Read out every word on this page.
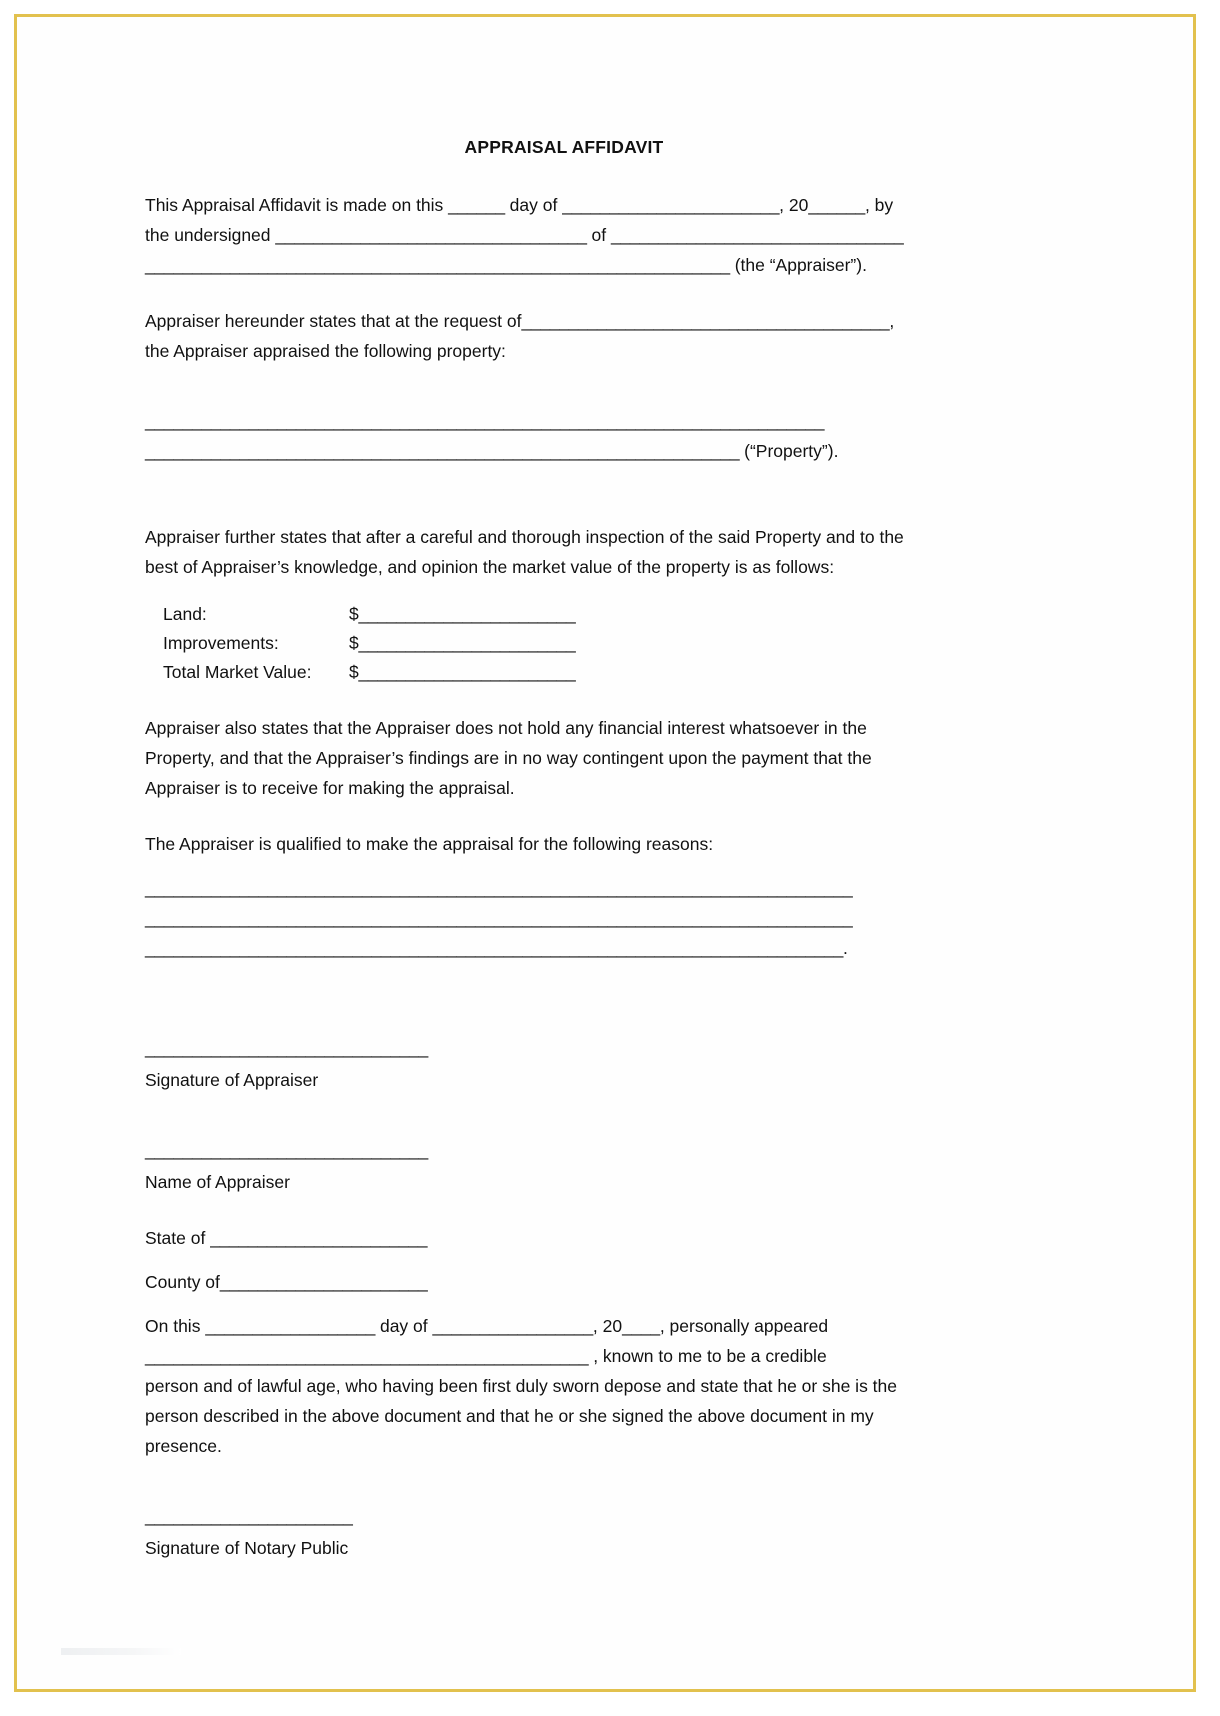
APPRAISAL AFFIDAVIT

This Appraisal Affidavit is made on this ______ day of _______________________, 20______, by
the undersigned _________________________________ of _______________________________
______________________________________________________________ (the “Appraiser”).

Appraiser hereunder states that at the request of_______________________________________,
the Appraiser appraised the following property:

________________________________________________________________________
_______________________________________________________________ (“Property”).

Appraiser further states that after a careful and thorough inspection of the said Property and to the
best of Appraiser’s knowledge, and opinion the market value of the property is as follows:

Land:	$ _______________________
Improvements:	$ _______________________
Total Market Value:	$ _______________________

Appraiser also states that the Appraiser does not hold any financial interest whatsoever in the
Property, and that the Appraiser’s findings are in no way contingent upon the payment that the
Appraiser is to receive for making the appraisal.

The Appraiser is qualified to make the appraisal for the following reasons:

___________________________________________________________________________
___________________________________________________________________________
__________________________________________________________________________.

______________________________
Signature of Appraiser
______________________________
Name of Appraiser

State of _______________________

County of______________________

On this __________________ day of _________________, 20____, personally appeared
_______________________________________________ , known to me to be a credible
person and of lawful age, who having been first duly sworn depose and state that he or she is the
person described in the above document and that he or she signed the above document in my
presence.

______________________
Signature of Notary Public
